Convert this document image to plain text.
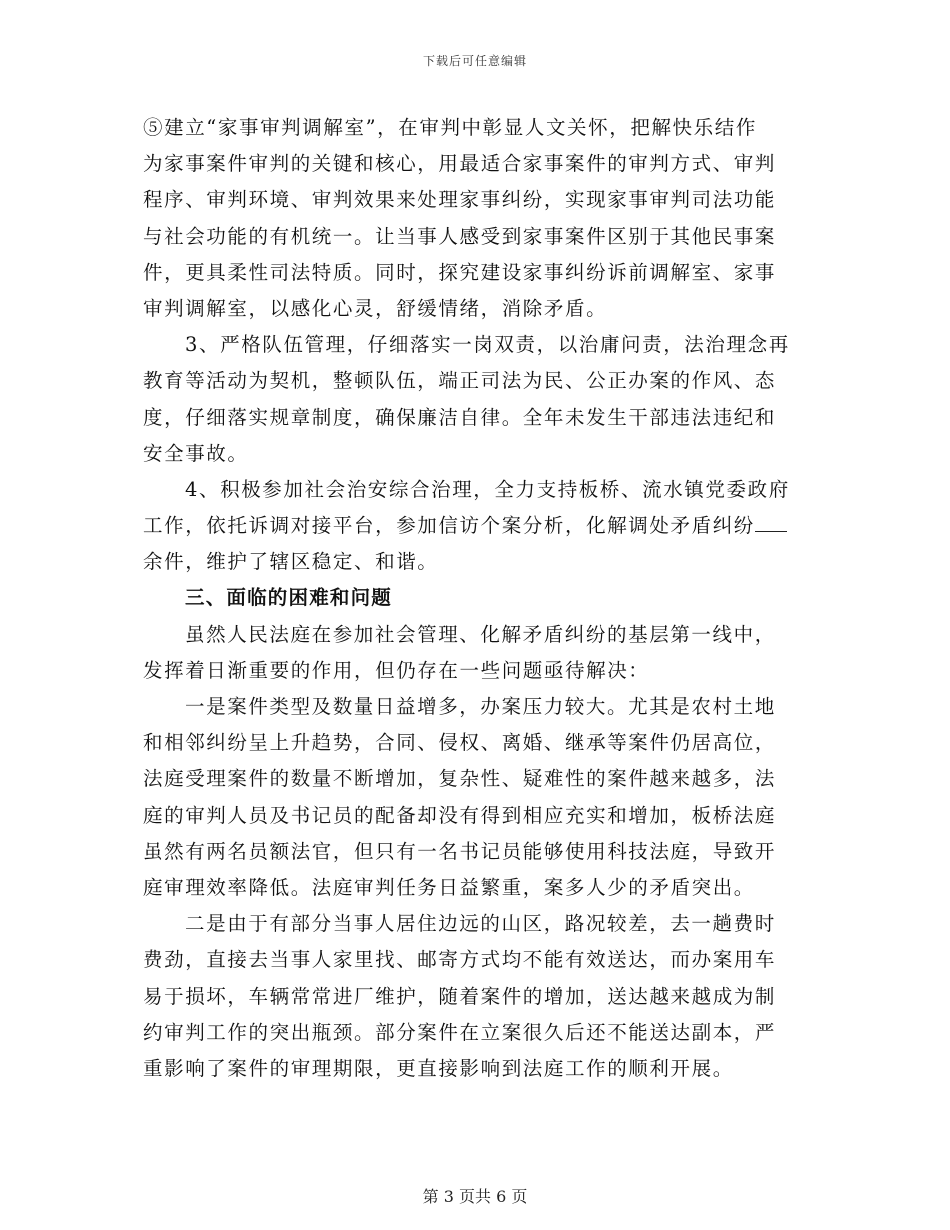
下载后可任意编辑
⑤建立“家事审判调解室”，在审判中彰显人文关怀，把解快乐结作
为家事案件审判的关键和核心，用最适合家事案件的审判方式、审判
程序、审判环境、审判效果来处理家事纠纷，实现家事审判司法功能
与社会功能的有机统一。让当事人感受到家事案件区别于其他民事案
件，更具柔性司法特质。同时，探究建设家事纠纷诉前调解室、家事
审判调解室，以感化心灵，舒缓情绪，消除矛盾。
3、严格队伍管理，仔细落实一岗双责，以治庸问责，法治理念再
教育等活动为契机，整顿队伍，端正司法为民、公正办案的作风、态
度，仔细落实规章制度，确保廉洁自律。全年未发生干部违法违纪和
安全事故。
4、积极参加社会治安综合治理，全力支持板桥、流水镇党委政府
工作，依托诉调对接平台，参加信访个案分析，化解调处矛盾纠纷
余件，维护了辖区稳定、和谐。
三、面临的困难和问题
虽然人民法庭在参加社会管理、化解矛盾纠纷的基层第一线中，
发挥着日渐重要的作用，但仍存在一些问题亟待解决：
一是案件类型及数量日益增多，办案压力较大。尤其是农村土地
和相邻纠纷呈上升趋势，合同、侵权、离婚、继承等案件仍居高位，
法庭受理案件的数量不断增加，复杂性、疑难性的案件越来越多，法
庭的审判人员及书记员的配备却没有得到相应充实和增加，板桥法庭
虽然有两名员额法官，但只有一名书记员能够使用科技法庭，导致开
庭审理效率降低。法庭审判任务日益繁重，案多人少的矛盾突出。
二是由于有部分当事人居住边远的山区，路况较差，去一趟费时
费劲，直接去当事人家里找、邮寄方式均不能有效送达，而办案用车
易于损坏，车辆常常进厂维护，随着案件的增加，送达越来越成为制
约审判工作的突出瓶颈。部分案件在立案很久后还不能送达副本，严
重影响了案件的审理期限，更直接影响到法庭工作的顺利开展。
第 3 页共 6 页
